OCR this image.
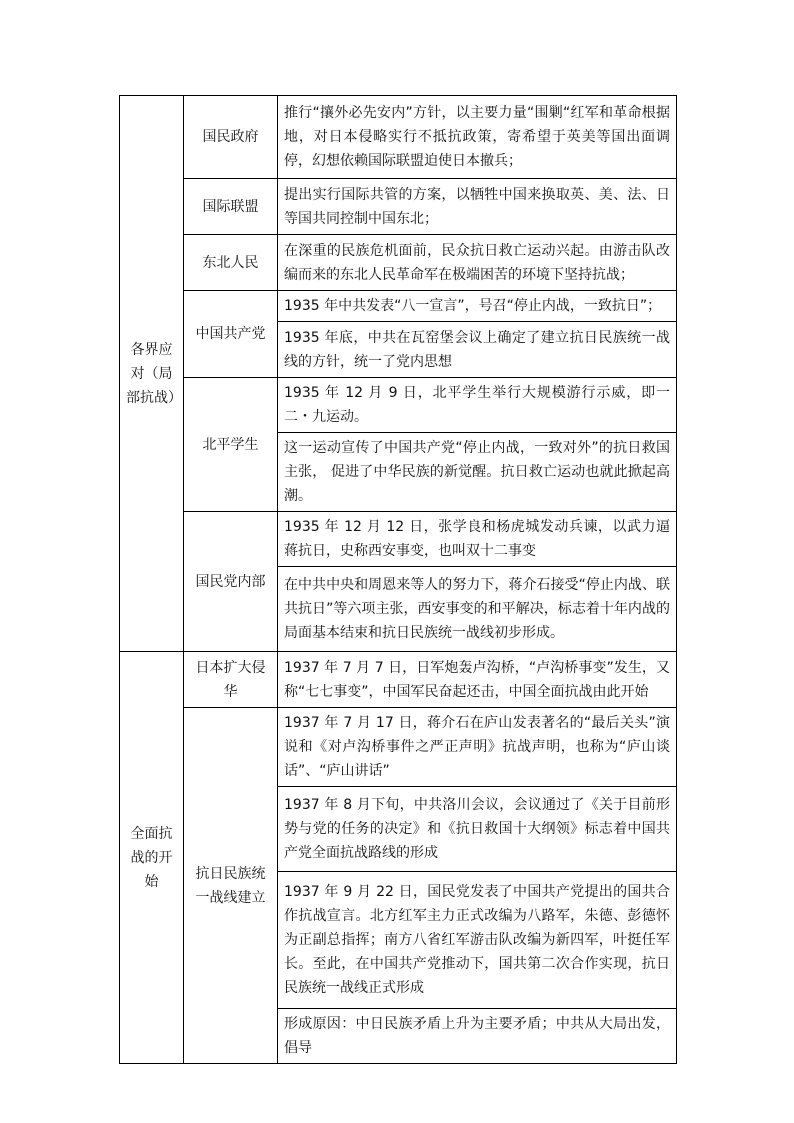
各界应对（局部抗战）	国民政府	推行“攘外必先安内”方针，以主要力量“围剿“红军和革命根据地，对日本侵略实行不抵抗政策，寄希望于英美等国出面调停，幻想依赖国际联盟迫使日本撤兵；
	国际联盟	提出实行国际共管的方案，以牺牲中国来换取英、美、法、日等国共同控制中国东北；
	东北人民	在深重的民族危机面前，民众抗日救亡运动兴起。由游击队改编而来的东北人民革命军在极端困苦的环境下坚持抗战；
	中国共产党	1935 年中共发表“八一宣言”，号召“停止内战，一致抗日”；
		1935 年底，中共在瓦窑堡会议上确定了建立抗日民族统一战线的方针，统一了党内思想
	北平学生	1935 年 12 月 9 日，北平学生举行大规模游行示威，即一二・九运动。
		这一运动宣传了中国共产党“停止内战，一致对外”的抗日救国主张， 促进了中华民族的新觉醒。抗日救亡运动也就此掀起高潮。
	国民党内部	1935 年 12 月 12 日，张学良和杨虎城发动兵谏，以武力逼蒋抗日，史称西安事变，也叫双十二事变
		在中共中央和周恩来等人的努力下，蒋介石接受“停止内战、联共抗日”等六项主张，西安事变的和平解决，标志着十年内战的局面基本结束和抗日民族统一战线初步形成。
全面抗战的开始	日本扩大侵华	1937 年 7 月 7 日，日军炮轰卢沟桥，“卢沟桥事变”发生，又称“七七事变”，中国军民奋起还击，中国全面抗战由此开始
	抗日民族统一战线建立	1937 年 7 月 17 日，蒋介石在庐山发表著名的“最后关头”演说和《对卢沟桥事件之严正声明》抗战声明，也称为“庐山谈话”、“庐山讲话”
		1937 年 8 月下旬，中共洛川会议，会议通过了《关于目前形势与党的任务的决定》和《抗日救国十大纲领》标志着中国共产党全面抗战路线的形成
		1937 年 9 月 22 日，国民党发表了中国共产党提出的国共合作抗战宣言。北方红军主力正式改编为八路军，朱德、彭德怀为正副总指挥；南方八省红军游击队改编为新四军，叶挺任军长。至此，在中国共产党推动下，国共第二次合作实现，抗日民族统一战线正式形成
		形成原因：中日民族矛盾上升为主要矛盾；中共从大局出发，倡导
